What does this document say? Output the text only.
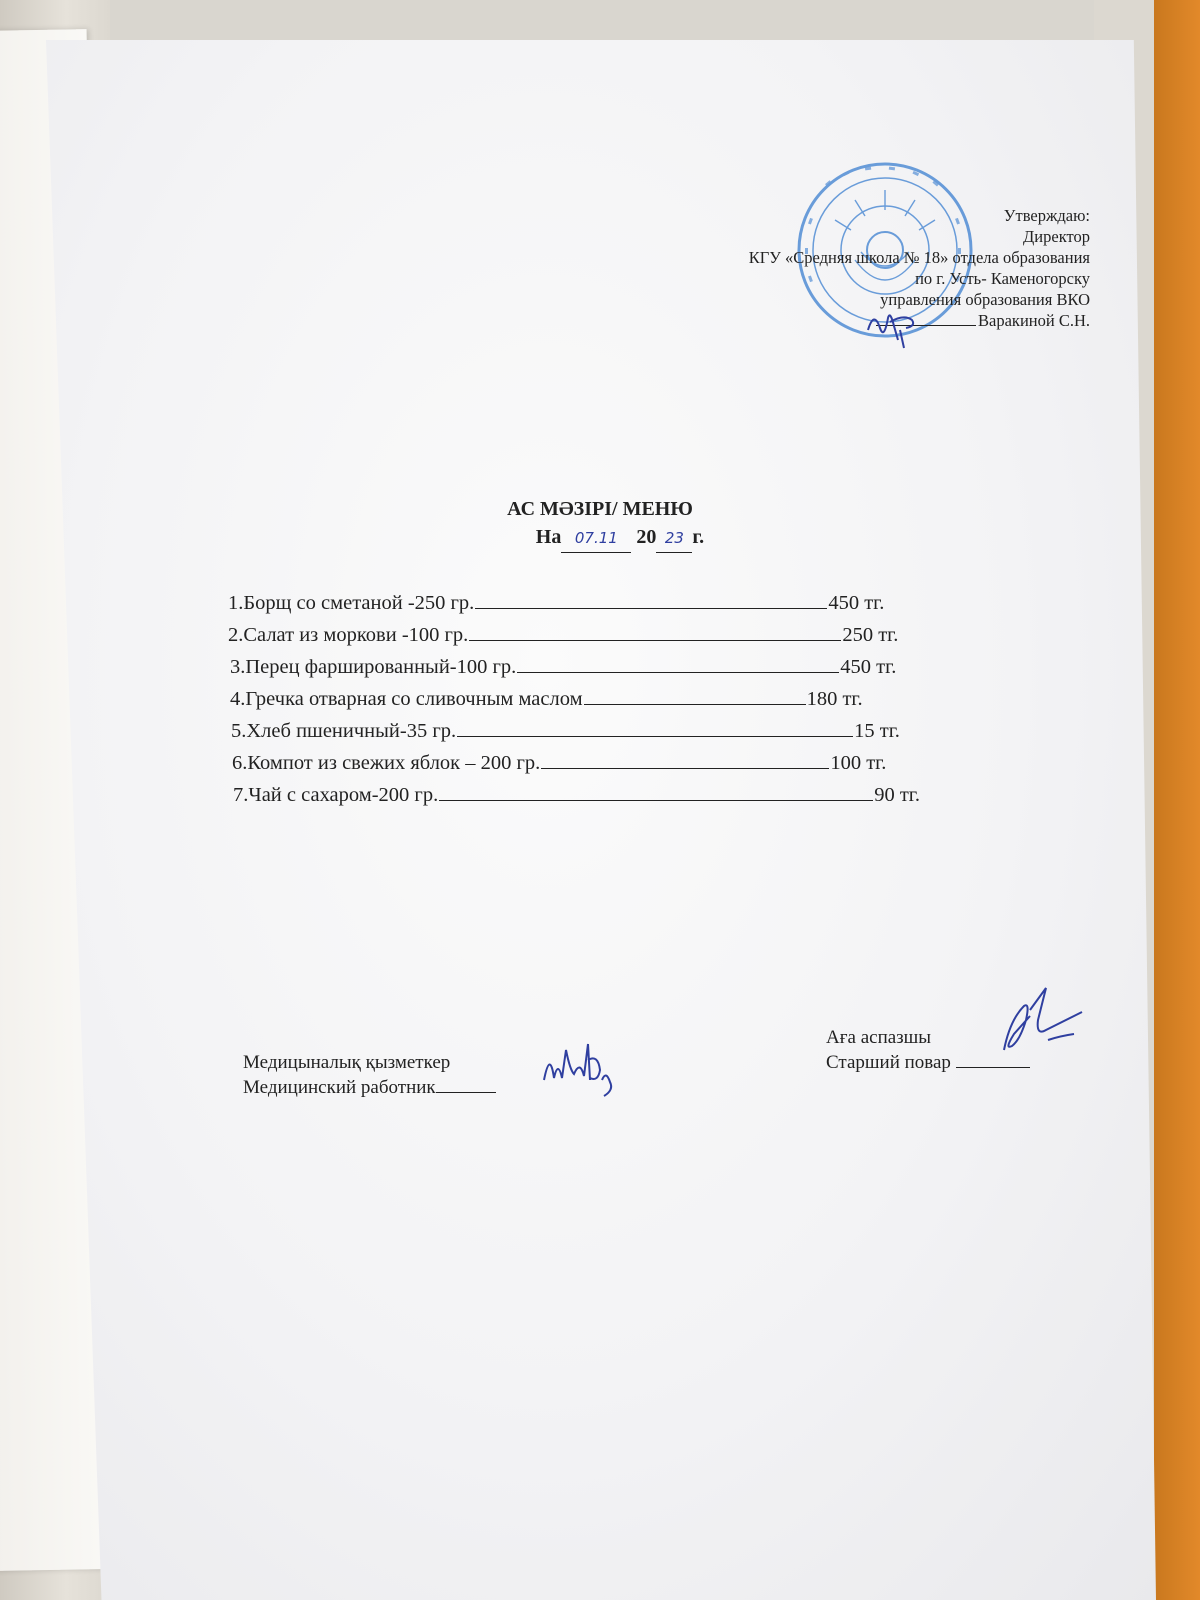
Утверждаю:
Директор
КГУ «Средняя школа № 18» отдела образования
по г. Усть- Каменогорску
управления образования ВКО
Варакиной С.Н.
АС МӘЗІРІ/ МЕНЮ
На 07.11 20 23 г.
1.Борщ со сметаной -250 гр.	450 тг.
2.Салат из моркови -100 гр.	250 тг.
3.Перец фаршированный-100 гр.	450 тг.
4.Гречка отварная со сливочным маслом	180 тг.
5.Хлеб пшеничный-35 гр.	15 тг.
6.Компот из свежих яблок – 200 гр.	100 тг.
7.Чай с сахаром-200 гр.	90 тг.
Медицыналық қызметкер
Медицинский работник
Аға аспазшы
Старший повар
